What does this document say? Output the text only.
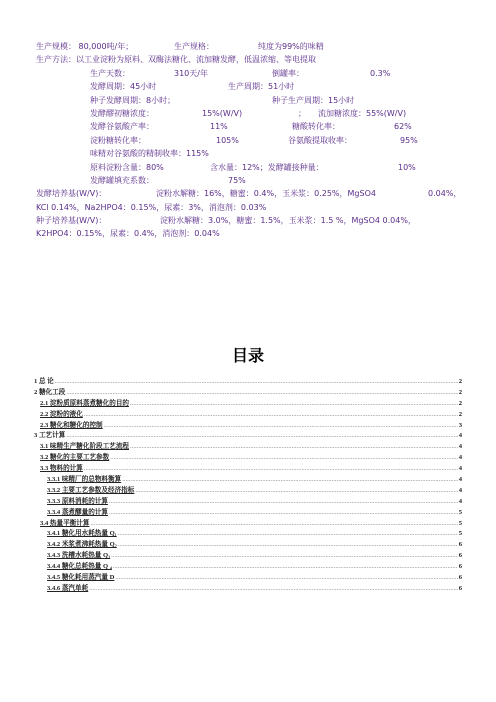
生产规模： 80,000吨/年；	生产规格：	纯度为99%的味精
生产方法：以工业淀粉为原料、双酶法糖化、流加糖发酵，低温浓缩、等电提取
生产天数：	310天/年	倒罐率：	0.3%
发酵周期：45小时	生产周期：51小时
种子发酵周期：8小时；	种子生产周期：15小时
发酵醪初糖浓度：	15%(W/V)	； 流加糖浓度：55%(W/V)
发酵谷氨酸产率：	11%	糖酸转化率：	62%
淀粉糖转化率：	105%	谷氨酸提取收率：	95%
味精对谷氨酸的精制收率：115%
原料淀粉含量：80%	含水量：12%；发酵罐接种量：	10%
发酵罐填充系数：	75%
发酵培养基(W/V)：	淀粉水解糖：16%，糖蜜：0.4%，玉米浆：0.25%，MgSO4	0.04%，
KCl 0.14%，Na2HPO4：0.15%，尿素：3%，消泡剂：0.03%
种子培养基(W/V)：	淀粉水解糖：3.0%，糖蜜：1.5%，玉米浆：1.5 %，MgSO4 0.04%，
K2HPO4：0.15%，尿素：0.4%，消泡剂：0.04%
目录
1 总 论 .....	2
2 糖化工段 .....	2
2.1 淀粉质原料蒸煮糖化的目的 .....	2
2.2 淀粉的液化 .....	2
2.3 糖化和糖化的控制 .....	3
3 工艺计算 .....	4
3.1 味精生产糖化阶段工艺流程 .....	4
3.2 糖化的主要工艺参数 .....	4
3.3 物料的计算 .....	4
3.3.1 味精厂的总物料衡算 .....	4
3.3.2 主要工艺参数及经济指标 .....	4
3.3.3 原料消耗的计算 .....	4
3.3.4 蒸煮醪量的计算 .....	5
3.4 热量平衡计算 .....	5
3.4.1 糖化用水耗热量 Q₁ .....	5
3.4.2 米浆煮沸耗热量 Q₂ .....	6
3.4.3 洗槽水耗热量 Q₃ .....	6
3.4.4 糖化总耗热量 Q ₄ .....	6
3.4.5 糖化耗用蒸汽量 D .....	6
3.4.6 蒸汽单耗 .....	6
